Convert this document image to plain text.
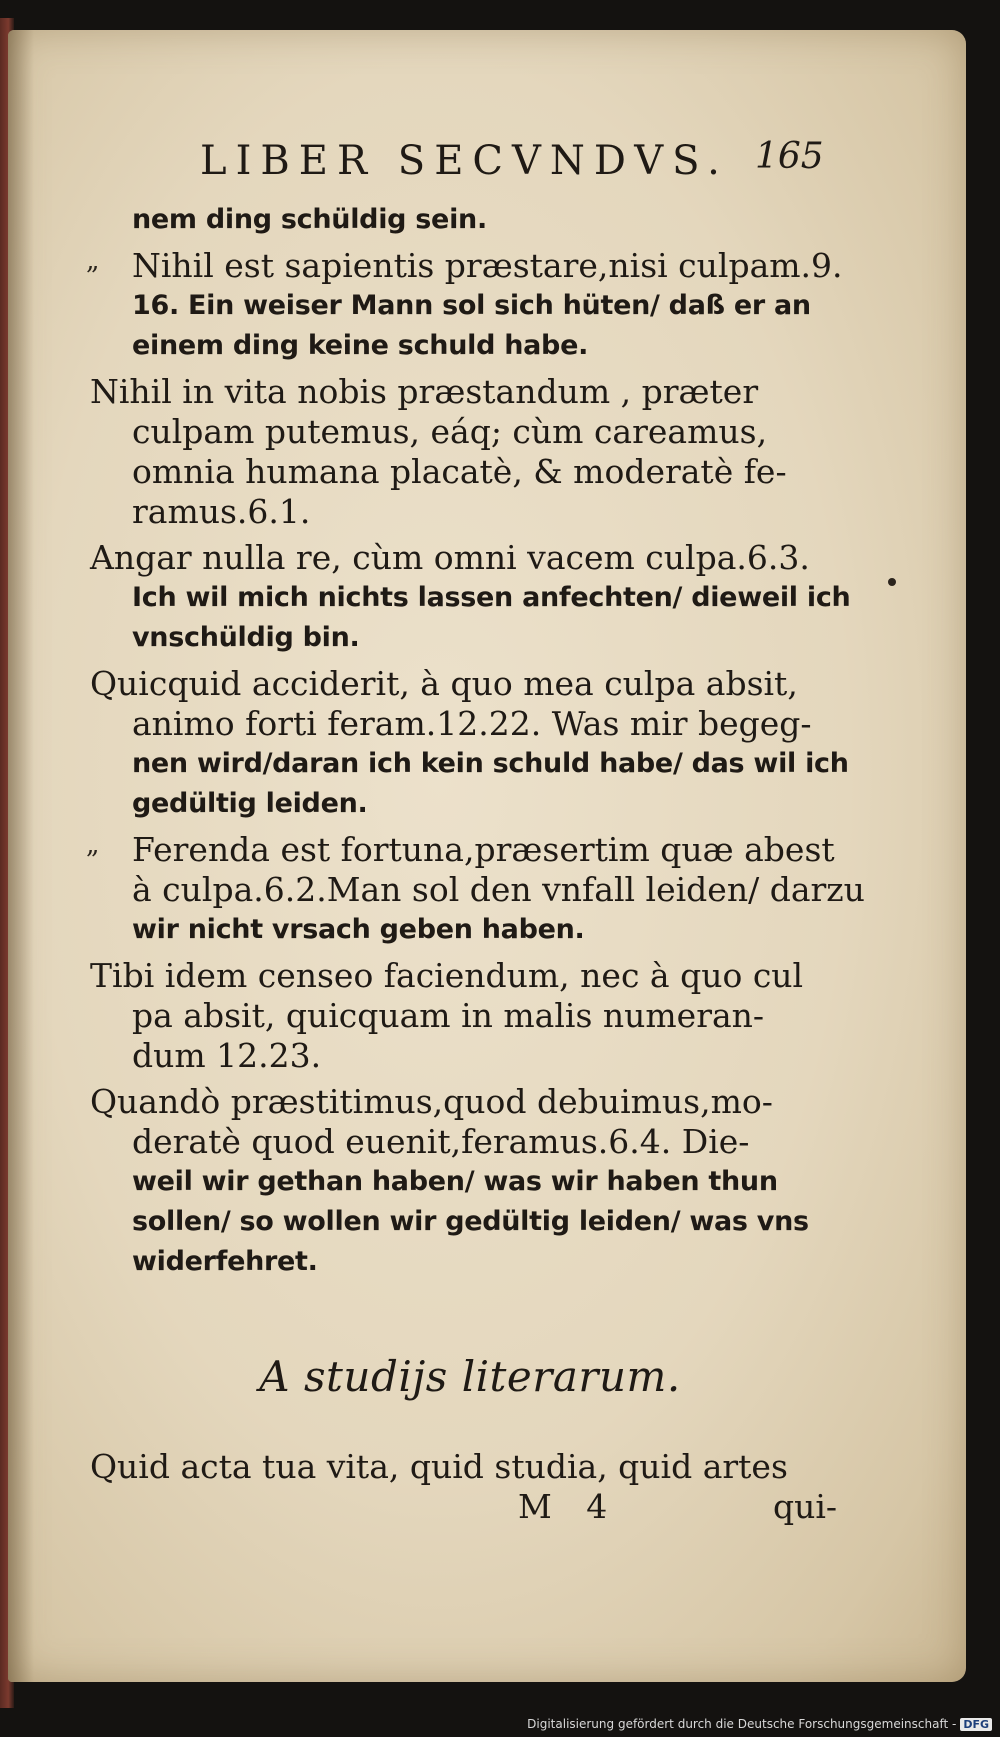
LIBER SECVNDVS. 165
nem ding schüldig sein.
„ Nihil est sapientis præstare,nisi culpam.9.
16. Ein weiser Mann sol sich hüten/ daß er an
einem ding keine schuld habe.
Nihil in vita nobis præstandum , præter
culpam putemus, eáq; cùm careamus,
omnia humana placatè, & moderatè fe-
ramus.6.1.
Angar nulla re, cùm omni vacem culpa.6.3.
Ich wil mich nichts lassen anfechten/ dieweil ich
vnschüldig bin.
Quicquid acciderit, à quo mea culpa absit,
animo forti feram.12.22. Was mir begeg-
nen wird/daran ich kein schuld habe/ das wil ich
gedültig leiden.
„ Ferenda est fortuna,præsertim quæ abest
à culpa.6.2.Man sol den vnfall leiden/ darzu
wir nicht vrsach geben haben.
Tibi idem censeo faciendum, nec à quo cul
pa absit, quicquam in malis numeran-
dum 12.23.
Quandò præstitimus,quod debuimus,mo-
deratè quod euenit,feramus.6.4. Die-
weil wir gethan haben/ was wir haben thun
sollen/ so wollen wir gedültig leiden/ was vns
widerfehret.
A studijs literarum.
Quid acta tua vita, quid studia, quid artes
M 4	qui-
Digitalisierung gefördert durch die Deutsche Forschungsgemeinschaft - DFG
